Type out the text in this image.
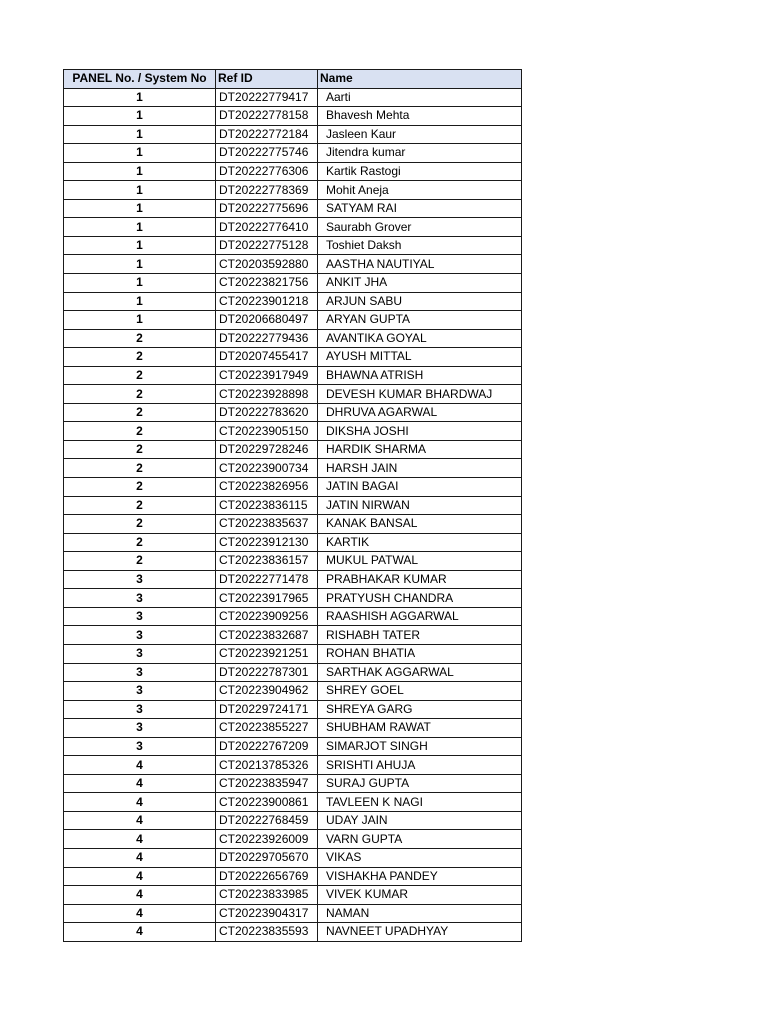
PANEL No. / System No	Ref ID	Name
1	DT20222779417	Aarti
1	DT20222778158	Bhavesh Mehta
1	DT20222772184	Jasleen Kaur
1	DT20222775746	Jitendra kumar
1	DT20222776306	Kartik Rastogi
1	DT20222778369	Mohit Aneja
1	DT20222775696	SATYAM RAI
1	DT20222776410	Saurabh Grover
1	DT20222775128	Toshiet Daksh
1	CT20203592880	AASTHA NAUTIYAL
1	CT20223821756	ANKIT JHA
1	CT20223901218	ARJUN SABU
1	DT20206680497	ARYAN GUPTA
2	DT20222779436	AVANTIKA GOYAL
2	DT20207455417	AYUSH MITTAL
2	CT20223917949	BHAWNA ATRISH
2	CT20223928898	DEVESH KUMAR BHARDWAJ
2	DT20222783620	DHRUVA AGARWAL
2	CT20223905150	DIKSHA JOSHI
2	DT20229728246	HARDIK SHARMA
2	CT20223900734	HARSH JAIN
2	CT20223826956	JATIN BAGAI
2	CT20223836115	JATIN NIRWAN
2	CT20223835637	KANAK BANSAL
2	CT20223912130	KARTIK
2	CT20223836157	MUKUL PATWAL
3	DT20222771478	PRABHAKAR KUMAR
3	CT20223917965	PRATYUSH CHANDRA
3	CT20223909256	RAASHISH AGGARWAL
3	CT20223832687	RISHABH TATER
3	CT20223921251	ROHAN BHATIA
3	DT20222787301	SARTHAK AGGARWAL
3	CT20223904962	SHREY GOEL
3	DT20229724171	SHREYA GARG
3	CT20223855227	SHUBHAM RAWAT
3	DT20222767209	SIMARJOT SINGH
4	CT20213785326	SRISHTI AHUJA
4	CT20223835947	SURAJ GUPTA
4	CT20223900861	TAVLEEN K NAGI
4	DT20222768459	UDAY JAIN
4	CT20223926009	VARN GUPTA
4	DT20229705670	VIKAS
4	DT20222656769	VISHAKHA PANDEY
4	CT20223833985	VIVEK KUMAR
4	CT20223904317	NAMAN
4	CT20223835593	NAVNEET UPADHYAY
